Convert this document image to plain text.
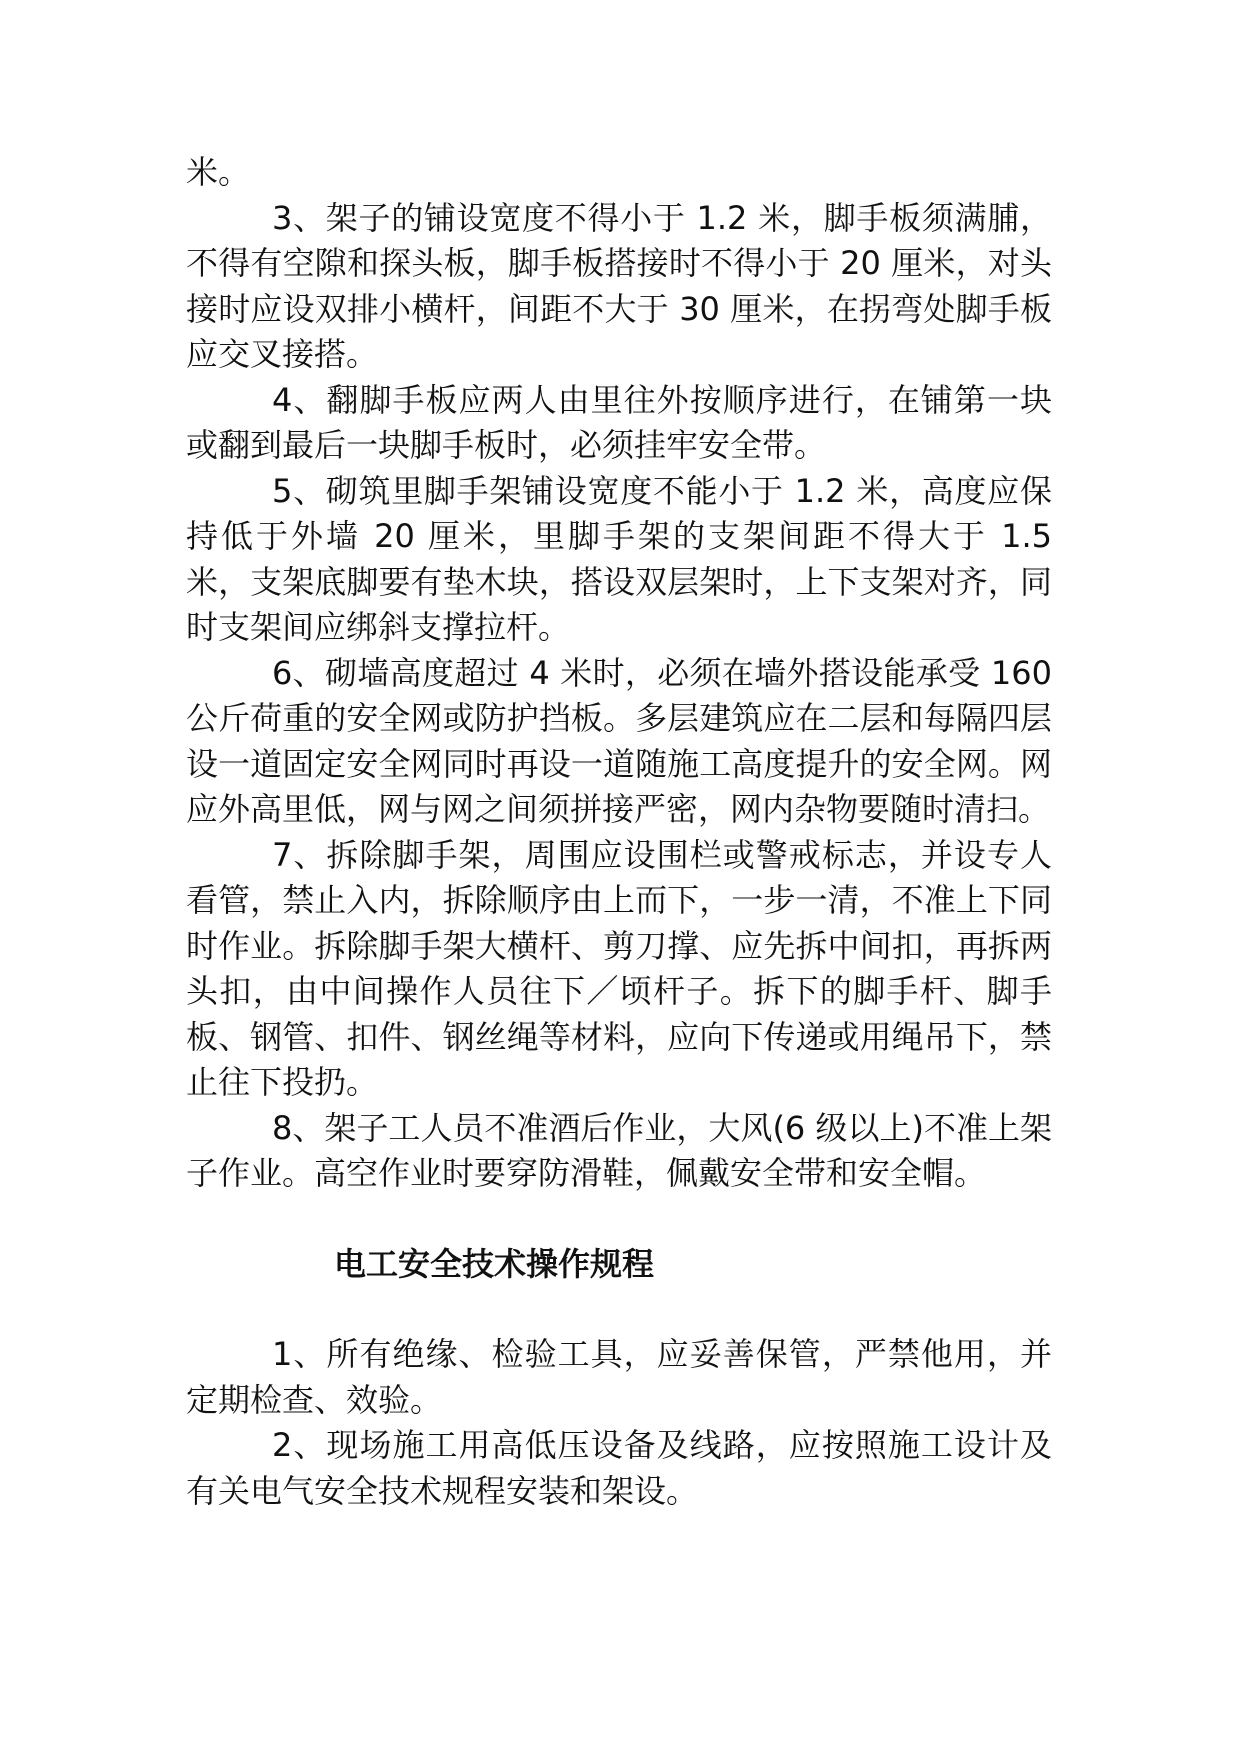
米。

3、架子的铺设宽度不得小于 1.2 米，脚手板须满脯，不得有空隙和探头板，脚手板搭接时不得小于 20 厘米，对头接时应设双排小横杆，间距不大于 30 厘米，在拐弯处脚手板应交叉接搭。

4、翻脚手板应两人由里往外按顺序进行，在铺第一块或翻到最后一块脚手板时，必须挂牢安全带。

5、砌筑里脚手架铺设宽度不能小于 1.2 米，高度应保持低于外墙 20 厘米，里脚手架的支架间距不得大于 1.5 米，支架底脚要有垫木块，搭设双层架时，上下支架对齐，同时支架间应绑斜支撑拉杆。

6、砌墙高度超过 4 米时，必须在墙外搭设能承受 160 公斤荷重的安全网或防护挡板。多层建筑应在二层和每隔四层设一道固定安全网同时再设一道随施工高度提升的安全网。网应外高里低，网与网之间须拼接严密，网内杂物要随时清扫。

7、拆除脚手架，周围应设围栏或警戒标志，并设专人看管，禁止入内，拆除顺序由上而下，一步一清，不准上下同时作业。拆除脚手架大横杆、剪刀撑、应先拆中间扣，再拆两头扣，由中间操作人员往下／顷杆子。拆下的脚手杆、脚手板、钢管、扣件、钢丝绳等材料，应向下传递或用绳吊下，禁止往下投扔。

8、架子工人员不准酒后作业，大风(6 级以上)不准上架子作业。高空作业时要穿防滑鞋，佩戴安全带和安全帽。

电工安全技术操作规程

1、所有绝缘、检验工具，应妥善保管，严禁他用，并定期检查、效验。

2、现场施工用高低压设备及线路，应按照施工设计及有关电气安全技术规程安装和架设。
